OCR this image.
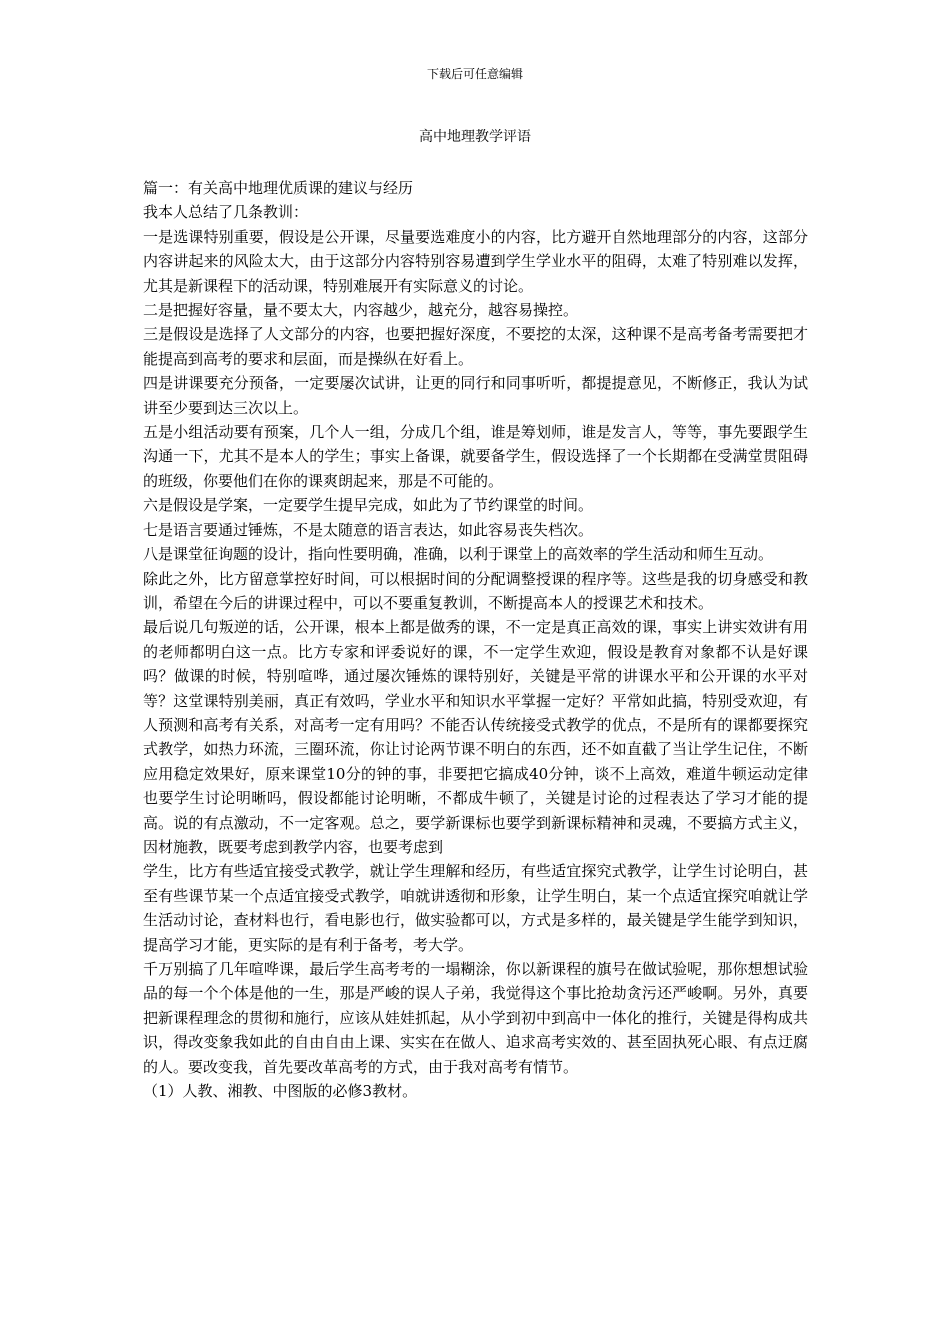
下载后可任意编辑
高中地理教学评语

篇一：有关高中地理优质课的建议与经历

我本人总结了几条教训：

一是选课特别重要，假设是公开课，尽量要选难度小的内容，比方避开自然地理部分的内容，这部分内容讲起来的风险太大，由于这部分内容特别容易遭到学生学业水平的阻碍，太难了特别难以发挥，尤其是新课程下的活动课，特别难展开有实际意义的讨论。

二是把握好容量，量不要太大，内容越少，越充分，越容易操控。

三是假设是选择了人文部分的内容，也要把握好深度，不要挖的太深，这种课不是高考备考需要把才能提高到高考的要求和层面，而是操纵在好看上。

四是讲课要充分预备，一定要屡次试讲，让更的同行和同事听听，都提提意见，不断修正，我认为试讲至少要到达三次以上。

五是小组活动要有预案，几个人一组，分成几个组，谁是筹划师，谁是发言人，等等，事先要跟学生沟通一下，尤其不是本人的学生；事实上备课，就要备学生，假设选择了一个长期都在受满堂贯阻碍的班级，你要他们在你的课爽朗起来，那是不可能的。

六是假设是学案，一定要学生提早完成，如此为了节约课堂的时间。

七是语言要通过锤炼，不是太随意的语言表达，如此容易丧失档次。

八是课堂征询题的设计，指向性要明确，准确，以利于课堂上的高效率的学生活动和师生互动。

除此之外，比方留意掌控好时间，可以根据时间的分配调整授课的程序等。这些是我的切身感受和教训，希望在今后的讲课过程中，可以不要重复教训，不断提高本人的授课艺术和技术。

最后说几句叛逆的话，公开课，根本上都是做秀的课，不一定是真正高效的课，事实上讲实效讲有用的老师都明白这一点。比方专家和评委说好的课，不一定学生欢迎，假设是教育对象都不认是好课吗？做课的时候，特别喧哗，通过屡次锤炼的课特别好，关键是平常的讲课水平和公开课的水平对等？这堂课特别美丽，真正有效吗，学业水平和知识水平掌握一定好？平常如此搞，特别受欢迎，有人预测和高考有关系，对高考一定有用吗？不能否认传统接受式教学的优点，不是所有的课都要探究式教学，如热力环流，三圈环流，你让讨论两节课不明白的东西，还不如直截了当让学生记住，不断应用稳定效果好，原来课堂10分的钟的事，非要把它搞成40分钟，谈不上高效，难道牛顿运动定律也要学生讨论明晰吗，假设都能讨论明晰，不都成牛顿了，关键是讨论的过程表达了学习才能的提高。说的有点激动，不一定客观。总之，要学新课标也要学到新课标精神和灵魂，不要搞方式主义，因材施教，既要考虑到教学内容，也要考虑到

学生，比方有些适宜接受式教学，就让学生理解和经历，有些适宜探究式教学，让学生讨论明白，甚至有些课节某一个点适宜接受式教学，咱就讲透彻和形象，让学生明白，某一个点适宜探究咱就让学生活动讨论，查材料也行，看电影也行，做实验都可以，方式是多样的，最关键是学生能学到知识，提高学习才能，更实际的是有利于备考，考大学。

千万别搞了几年喧哗课，最后学生高考考的一塌糊涂，你以新课程的旗号在做试验呢，那你想想试验品的每一个个体是他的一生，那是严峻的误人子弟，我觉得这个事比抢劫贪污还严峻啊。另外，真要把新课程理念的贯彻和施行，应该从娃娃抓起，从小学到初中到高中一体化的推行，关键是得构成共识，得改变象我如此的自由自由上课、实实在在做人、追求高考实效的、甚至固执死心眼、有点迂腐的人。要改变我，首先要改革高考的方式，由于我对高考有情节。

（1）人教、湘教、中图版的必修3教材。
